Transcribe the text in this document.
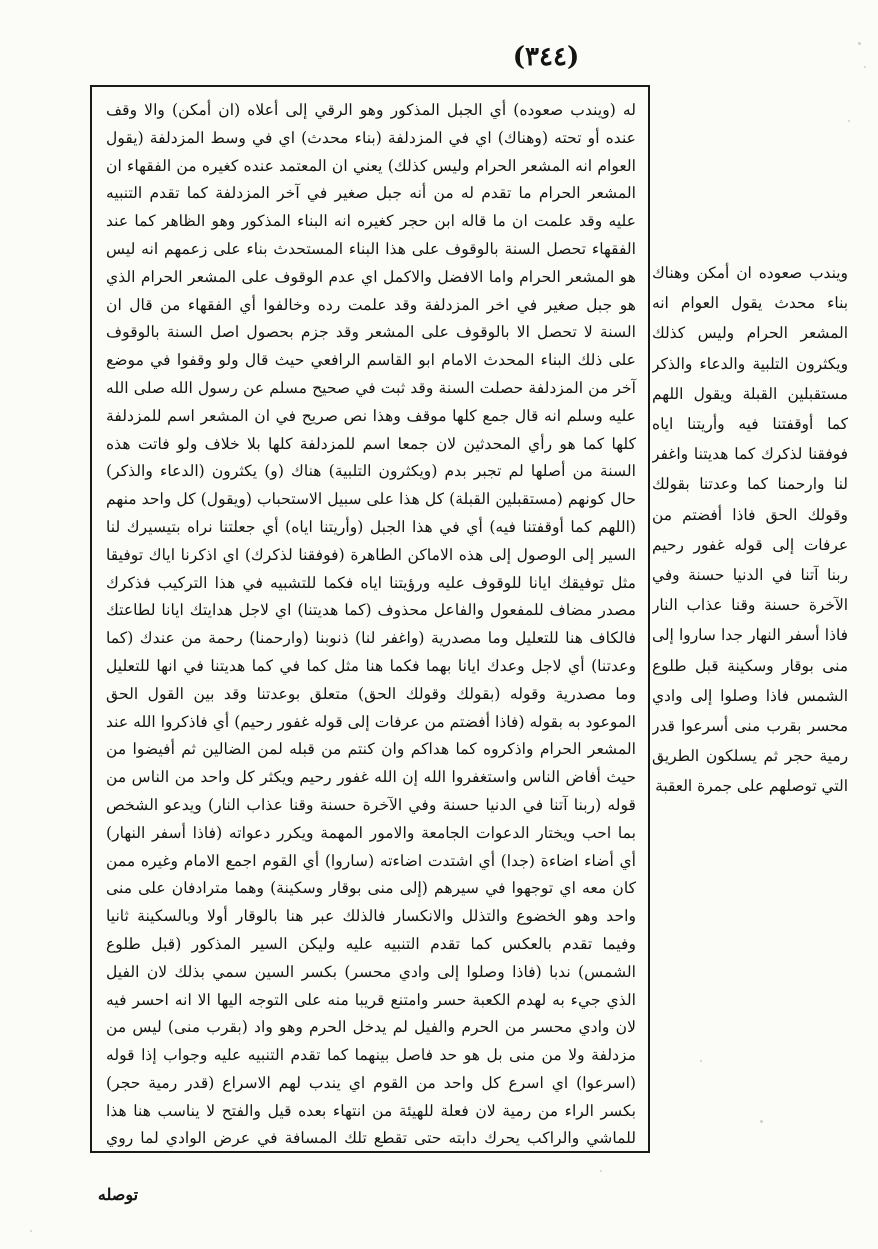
(٣٤٤)

له (ويندب صعوده) أي الجبل المذكور وهو الرقي إلى أعلاه (ان أمكن) والا وقف عنده أو تحته (وهناك) اي في المزدلفة (بناء محدث) اي في وسط المزدلفة (يقول العوام انه المشعر الحرام وليس كذلك) يعني ان المعتمد عنده كغيره من الفقهاء ان المشعر الحرام ما تقدم له من أنه جبل صغير في آخر المزدلفة كما تقدم التنبيه عليه وقد علمت ان ما قاله ابن حجر كغيره انه البناء المذكور وهو الظاهر كما عند الفقهاء تحصل السنة بالوقوف على هذا البناء المستحدث بناء على زعمهم انه ليس هو المشعر الحرام واما الافضل والاكمل اي عدم الوقوف على المشعر الحرام الذي هو جبل صغير في اخر المزدلفة وقد علمت رده وخالفوا أي الفقهاء من قال ان السنة لا تحصل الا بالوقوف على المشعر وقد جزم بحصول اصل السنة بالوقوف على ذلك البناء المحدث الامام ابو القاسم الرافعي حيث قال ولو وقفوا في موضع آخر من المزدلفة حصلت السنة وقد ثبت في صحيح مسلم عن رسول الله صلى الله عليه وسلم انه قال جمع كلها موقف وهذا نص صريح في ان المشعر اسم للمزدلفة كلها كما هو رأي المحدثين لان جمعا اسم للمزدلفة كلها بلا خلاف ولو فاتت هذه السنة من أصلها لم تجبر بدم (ويكثرون التلبية) هناك (و) يكثرون (الدعاء والذكر) حال كونهم (مستقبلين القبلة) كل هذا على سبيل الاستحباب (ويقول) كل واحد منهم (اللهم كما أوقفتنا فيه) أي في هذا الجبل (وأريتنا اياه) أي جعلتنا نراه بتيسيرك لنا السير إلى الوصول إلى هذه الاماكن الطاهرة (فوفقنا لذكرك) اي اذكرنا اياك توفيقا مثل توفيقك ايانا للوقوف عليه ورؤيتنا اياه فكما للتشبيه في هذا التركيب فذكرك مصدر مضاف للمفعول والفاعل محذوف (كما هديتنا) اي لاجل هدايتك ايانا لطاعتك فالكاف هنا للتعليل وما مصدرية (واغفر لنا) ذنوبنا (وارحمنا) رحمة من عندك (كما وعدتنا) أي لاجل وعدك ايانا بهما فكما هنا مثل كما في كما هديتنا في انها للتعليل وما مصدرية وقوله (بقولك وقولك الحق) متعلق بوعدتنا وقد بين القول الحق الموعود به بقوله (فاذا أفضتم من عرفات إلى قوله غفور رحيم) أي فاذكروا الله عند المشعر الحرام واذكروه كما هداكم وان كنتم من قبله لمن الضالين ثم أفيضوا من حيث أفاض الناس واستغفروا الله إن الله غفور رحيم ويكثر كل واحد من الناس من قوله (ربنا آتنا في الدنيا حسنة وفي الآخرة حسنة وقنا عذاب النار) ويدعو الشخص بما احب ويختار الدعوات الجامعة والامور المهمة ويكرر دعواته (فاذا أسفر النهار) أي أضاء اضاءة (جدا) أي اشتدت اضاءته (ساروا) أي القوم اجمع الامام وغيره ممن كان معه اي توجهوا في سيرهم (إلى منى بوقار وسكينة) وهما مترادفان على منى واحد وهو الخضوع والتذلل والانكسار فالذلك عبر هنا بالوقار أولا وبالسكينة ثانيا وفيما تقدم بالعكس كما تقدم التنبيه عليه وليكن السير المذكور (قبل طلوع الشمس) ندبا (فاذا وصلوا إلى وادي محسر) بكسر السين سمي بذلك لان الفيل الذي جيء به لهدم الكعبة حسر وامتنع قريبا منه على التوجه اليها الا انه احسر فيه لان وادي محسر من الحرم والفيل لم يدخل الحرم وهو واد (بقرب منى) ليس من مزدلفة ولا من منى بل هو حد فاصل بينهما كما تقدم التنبيه عليه وجواب إذا قوله (اسرعوا) اي اسرع كل واحد من القوم اي يندب لهم الاسراع (قدر رمية حجر) بكسر الراء من رمية لان فعلة للهيئة من انتهاء بعده قيل والفتح لا يناسب هنا هذا للماشي والراكب يحرك دابته حتى تقطع تلك المسافة في عرض الوادي لما روي

ويندب صعوده ان أمكن وهناك بناء محدث يقول العوام انه المشعر الحرام وليس كذلك ويكثرون التلبية والدعاء والذكر مستقبلين القبلة ويقول اللهم كما أوقفتنا فيه وأريتنا اياه فوفقنا لذكرك كما هديتنا واغفر لنا وارحمنا كما وعدتنا بقولك وقولك الحق فاذا أفضتم من عرفات إلى قوله غفور رحيم ربنا آتنا في الدنيا حسنة وفي الآخرة حسنة وقنا عذاب النار فاذا أسفر النهار جدا ساروا إلى منى بوقار وسكينة قبل طلوع الشمس فاذا وصلوا إلى وادي محسر بقرب منى أسرعوا قدر رمية حجر ثم يسلكون الطريق التي توصلهم على جمرة العقبة

توصله
